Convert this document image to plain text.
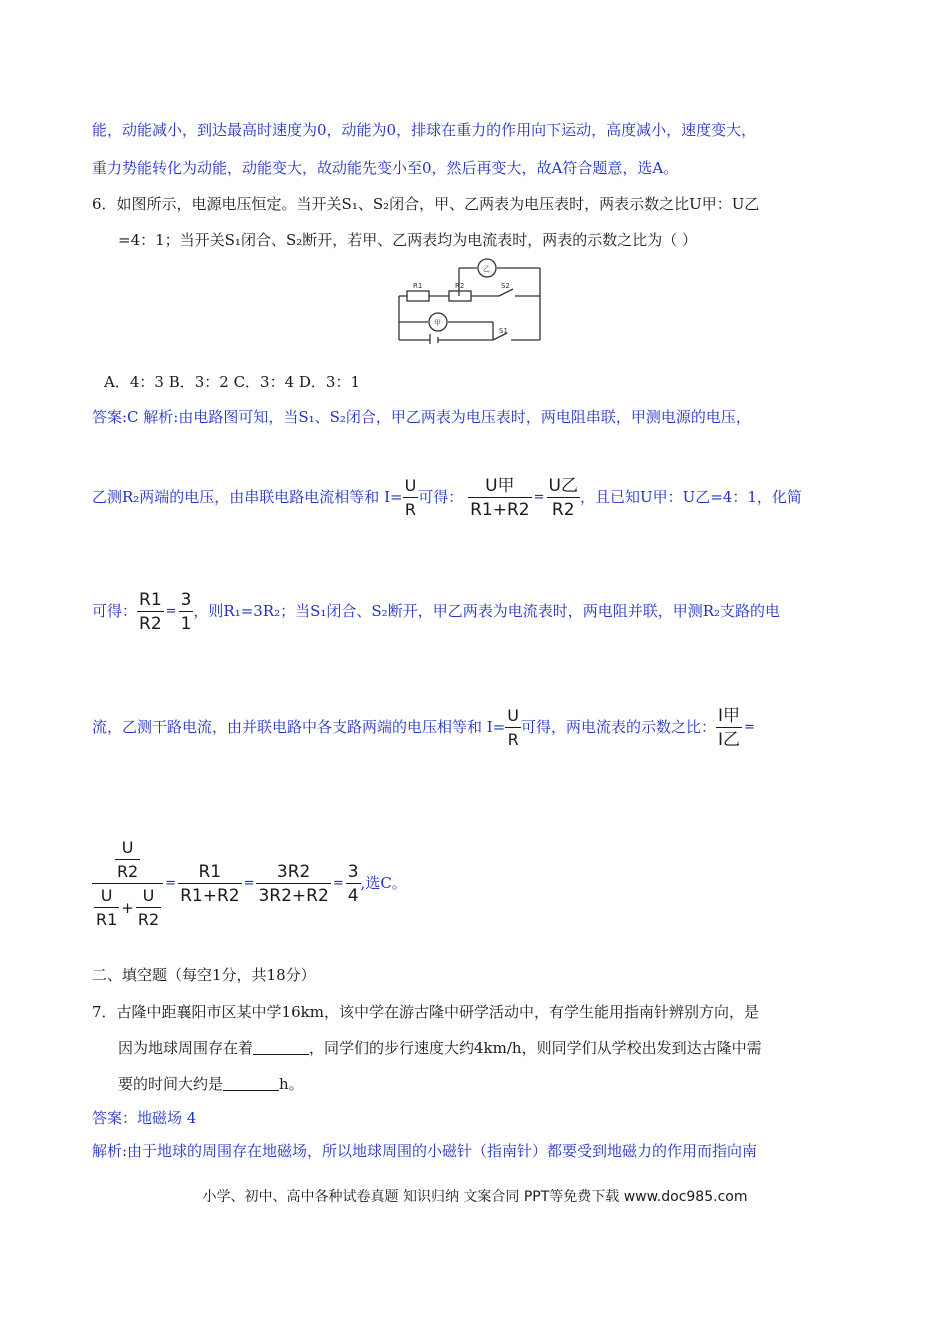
能，动能减小，到达最高时速度为0，动能为0，排球在重力的作用向下运动，高度减小，速度变大，
重力势能转化为动能，动能变大，故动能先变小至0，然后再变大，故A符合题意，选A。
6．如图所示，电源电压恒定。当开关S₁、S₂闭合，甲、乙两表为电压表时，两表示数之比U甲：U乙
=4：1；当开关S₁闭合、S₂断开，若甲、乙两表均为电流表时，两表的示数之比为（ ）
R1	R2	S2
S1
乙
甲
A．4：3 B．3：2 C．3：4 D．3：1
答案:C 解析:由电路图可知，当S₁、S₂闭合，甲乙两表为电压表时，两电阻串联，甲测电源的电压，
乙测R₂两端的电压，由串联电路电流相等和 $I= \frac{U}{R}$ 可得： $\frac{\text{U甲}}{R1+R2} = \frac{\text{U乙}}{R2}$ ，且已知U甲：U乙=4：1，化简
可得： $\frac{R1}{R2} = \frac{3}{1}$ ，则R₁=3R₂；当S₁闭合、S₂断开，甲乙两表为电流表时，两电阻并联，甲测R₂支路的电
流，乙测干路电流，由并联电路中各支路两端的电压相等和 $I= \frac{U}{R}$ 可得，两电流表的示数之比： $\frac{\text{I甲}}{\text{I乙}}$ =
$\frac{\frac{U}{R2}}{\frac{U}{R1} + \frac{U}{R2}} = \frac{R1}{R1+R2} = \frac{3R2}{3R2+R2} = \frac{3}{4}$ ,选C。
二、填空题（每空1分，共18分）
7．古隆中距襄阳市区某中学16km，该中学在游古隆中研学活动中，有学生能用指南针辨别方向，是
因为地球周围存在着	，同学们的步行速度大约4km/h，则同学们从学校出发到达古隆中需
要的时间大约是	h。
答案：地磁场 4
解析:由于地球的周围存在地磁场，所以地球周围的小磁针（指南针）都要受到地磁力的作用而指向南
小学、初中、高中各种试卷真题 知识归纳 文案合同 PPT等免费下载 www.doc985.com
